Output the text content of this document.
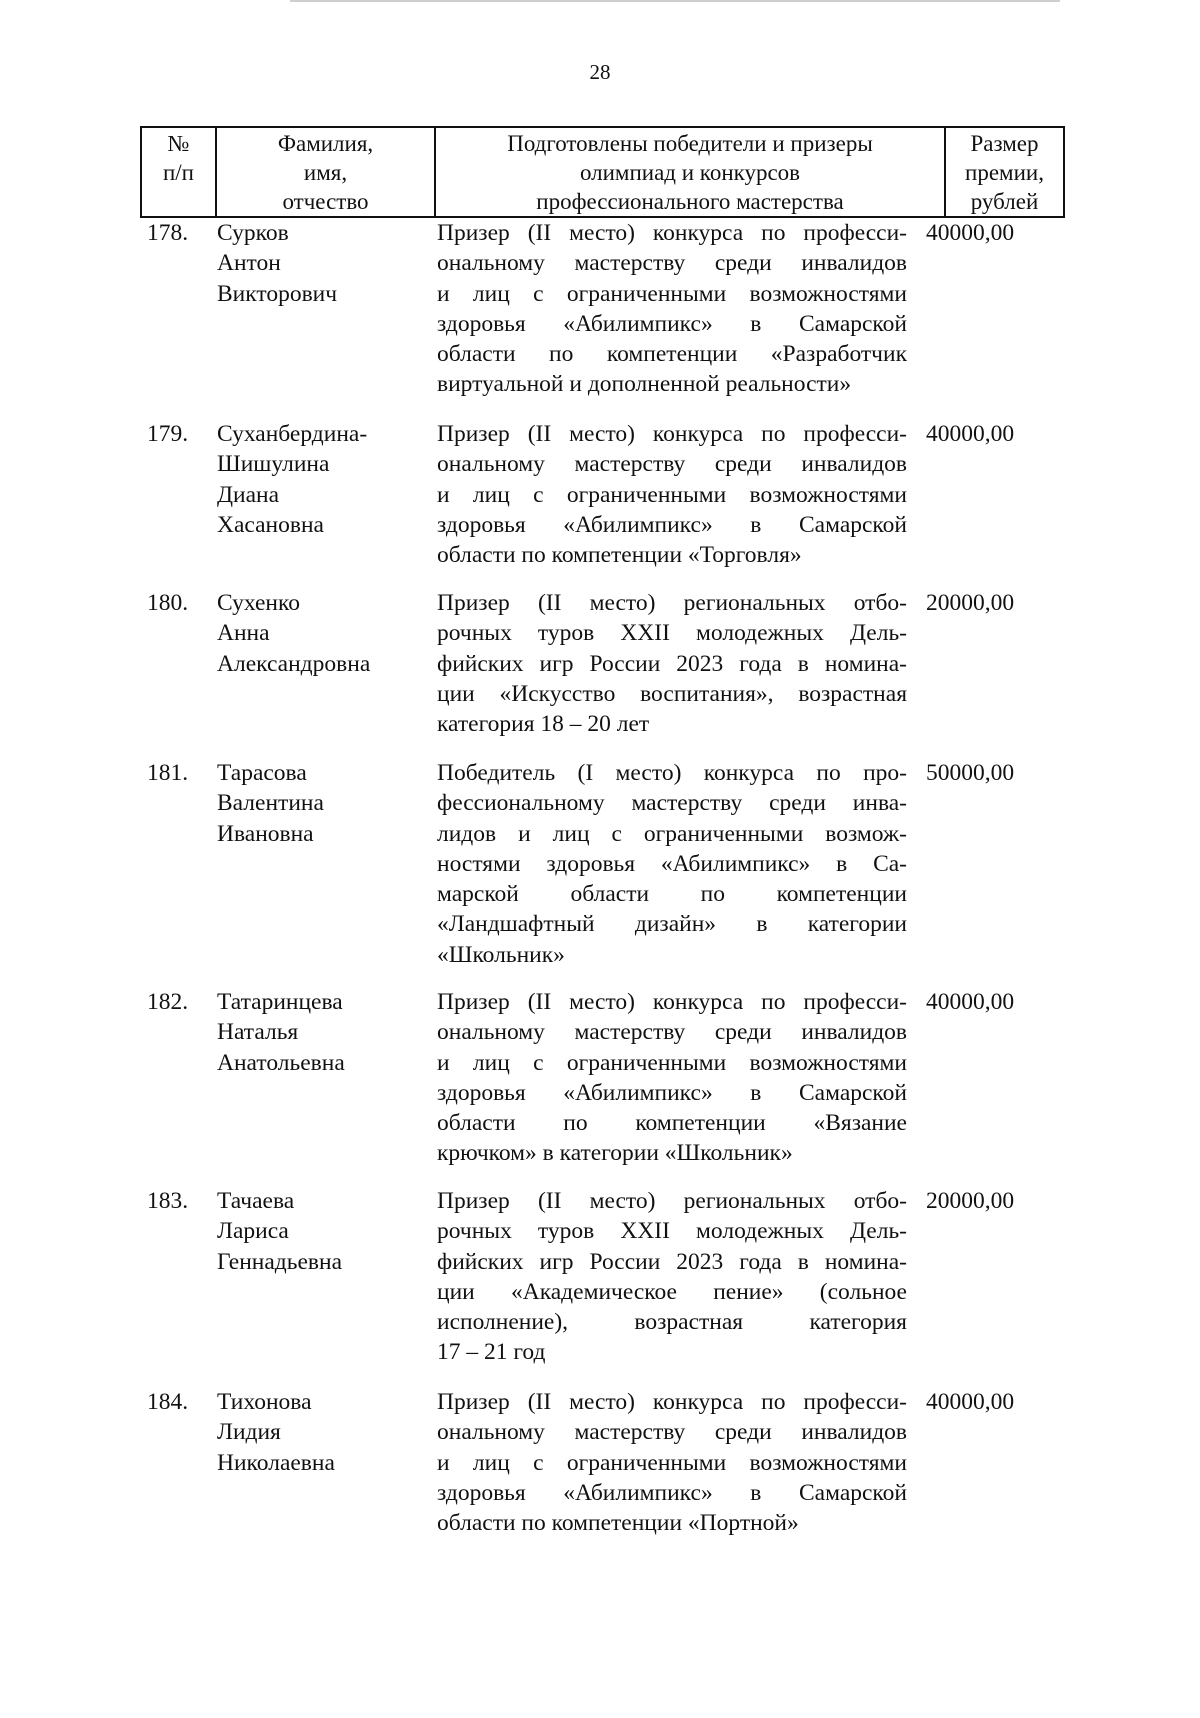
28
№
п/п
Фамилия,
имя,
отчество
Подготовлены победители и призеры
олимпиад и конкурсов
профессионального мастерства
Размер
премии,
рублей
178. Сурков
Антон
Викторович
Призер (II место) конкурса по професси-
ональному мастерству среди инвалидов
и лиц с ограниченными возможностями
здоровья «Абилимпикс» в Самарской
области по компетенции «Разработчик
виртуальной и дополненной реальности»
40000,00
179. Суханбердина-
Шишулина
Диана
Хасановна
Призер (II место) конкурса по професси-
ональному мастерству среди инвалидов
и лиц с ограниченными возможностями
здоровья «Абилимпикс» в Самарской
области по компетенции «Торговля»
40000,00
180. Сухенко
Анна
Александровна
Призер (II место) региональных отбо-
рочных туров XXII молодежных Дель-
фийских игр России 2023 года в номина-
ции «Искусство воспитания», возрастная
категория 18 – 20 лет
20000,00
181. Тарасова
Валентина
Ивановна
Победитель (I место) конкурса по про-
фессиональному мастерству среди инва-
лидов и лиц с ограниченными возмож-
ностями здоровья «Абилимпикс» в Са-
марской области по компетенции
«Ландшафтный дизайн» в категории
«Школьник»
50000,00
182. Татаринцева
Наталья
Анатольевна
Призер (II место) конкурса по професси-
ональному мастерству среди инвалидов
и лиц с ограниченными возможностями
здоровья «Абилимпикс» в Самарской
области по компетенции «Вязание
крючком» в категории «Школьник»
40000,00
183. Тачаева
Лариса
Геннадьевна
Призер (II место) региональных отбо-
рочных туров XXII молодежных Дель-
фийских игр России 2023 года в номина-
ции «Академическое пение» (сольное
исполнение), возрастная категория
17 – 21 год
20000,00
184. Тихонова
Лидия
Николаевна
Призер (II место) конкурса по професси-
ональному мастерству среди инвалидов
и лиц с ограниченными возможностями
здоровья «Абилимпикс» в Самарской
области по компетенции «Портной»
40000,00
